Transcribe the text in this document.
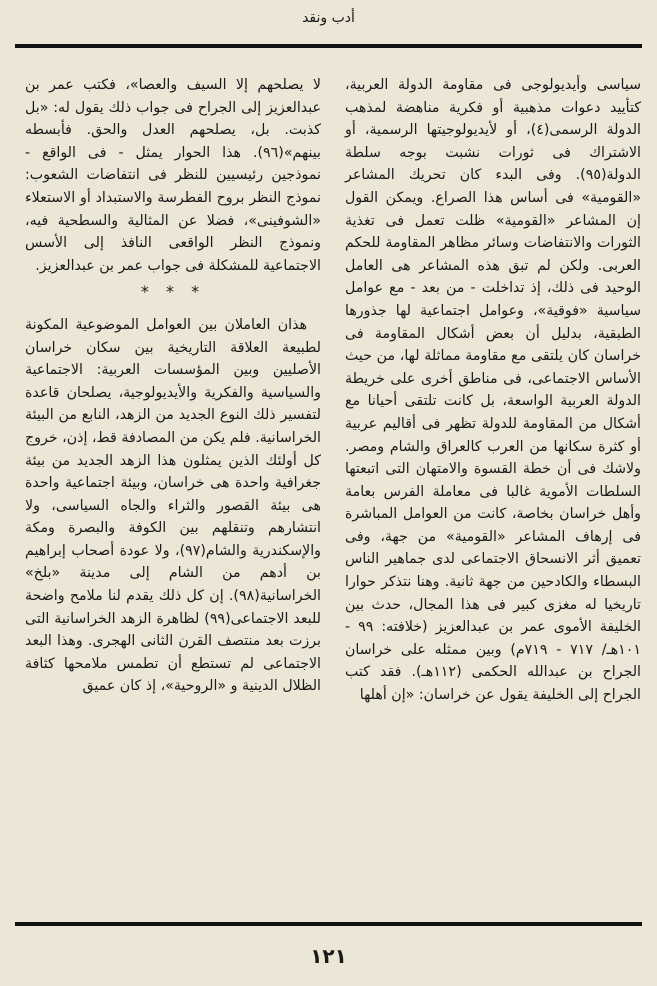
أدب ونقد

سياسى وأيديولوجى فى مقاومة الدولة العربية، كتأييد دعوات مذهبية أو فكرية مناهضة لمذهب الدولة الرسمى(٤)، أو لأيديولوجيتها الرسمية، أو الاشتراك فى ثورات نشبت بوجه سلطة الدولة(٩٥). وفى البدء كان تحريك المشاعر «القومية» فى أساس هذا الصراع. ويمكن القول إن المشاعر «القومية» ظلت تعمل فى تغذية الثورات والانتفاضات وسائر مظاهر المقاومة للحكم العربى. ولكن لم تبق هذه المشاعر هى العامل الوحيد فى ذلك، إذ تداخلت - من بعد - مع عوامل سياسية «فوقية»، وعوامل اجتماعية لها جذورها الطبقية، بدليل أن بعض أشكال المقاومة فى خراسان كان يلتقى مع مقاومة مماثلة لها، من حيث الأساس الاجتماعى، فى مناطق أخرى على خريطة الدولة العربية الواسعة، بل كانت تلتقى أحيانا مع أشكال من المقاومة للدولة تظهر فى أقاليم عربية أو كثرة سكانها من العرب كالعراق والشام ومصر. ولاشك فى أن خطة القسوة والامتهان التى اتبعتها السلطات الأموية غالبا فى معاملة الفرس بعامة وأهل خراسان بخاصة، كانت من العوامل المباشرة فى إرهاف المشاعر «القومية» من جهة، وفى تعميق أثر الانسحاق الاجتماعى لدى جماهير الناس البسطاء والكادحين من جهة ثانية. وهنا نتذكر حوارا تاريخيا له مغزى كبير فى هذا المجال، حدث بين الخليفة الأموى عمر بن عبدالعزيز (خلافته: ٩٩ - ١٠١هـ/ ٧١٧ - ٧١٩م) وبين ممثله على خراسان الجراح بن عبدالله الحكمى (١١٢هـ). فقد كتب الجراح إلى الخليفة يقول عن خراسان: «إن أهلها

لا يصلحهم إلا السيف والعصا»، فكتب عمر بن عبدالعزيز إلى الجراح فى جواب ذلك يقول له: «بل كذبت. بل، يصلحهم العدل والحق. فأبسطه بينهم»(٩٦). هذا الحوار يمثل - فى الواقع - نموذجين رئيسيين للنظر فى انتفاضات الشعوب: نموذج النظر بروح الفطرسة والاستبداد أو الاستعلاء «الشوفينى»، فضلا عن المثالية والسطحية فيه، ونموذج النظر الواقعى النافذ إلى الأسس الاجتماعية للمشكلة فى جواب عمر بن عبدالعزيز.

* * *

هذان العاملان بين العوامل الموضوعية المكونة لطبيعة العلاقة التاريخية بين سكان خراسان الأصليين وبين المؤسسات العربية: الاجتماعية والسياسية والفكرية والأيديولوجية، يصلحان قاعدة لتفسير ذلك النوع الجديد من الزهد، النابع من البيئة الخراسانية. فلم يكن من المصادفة قط، إذن، خروج كل أولئك الذين يمثلون هذا الزهد الجديد من بيئة جغرافية واحدة هى خراسان، وبيئة اجتماعية واحدة هى بيئة القصور والثراء والجاه السياسى، ولا انتشارهم وتنقلهم بين الكوفة والبصرة ومكة والإسكندرية والشام(٩٧)، ولا عودة أصحاب إبراهيم بن أدهم من الشام إلى مدينة «بلخ» الخراسانية(٩٨). إن كل ذلك يقدم لنا ملامح واضحة للبعد الاجتماعى(٩٩) لظاهرة الزهد الخراسانية التى برزت بعد منتصف القرن الثانى الهجرى. وهذا البعد الاجتماعى لم تستطع أن تطمس ملامحها كثافة الظلال الدينية و «الروحية»، إذ كان عميق

١٢١
